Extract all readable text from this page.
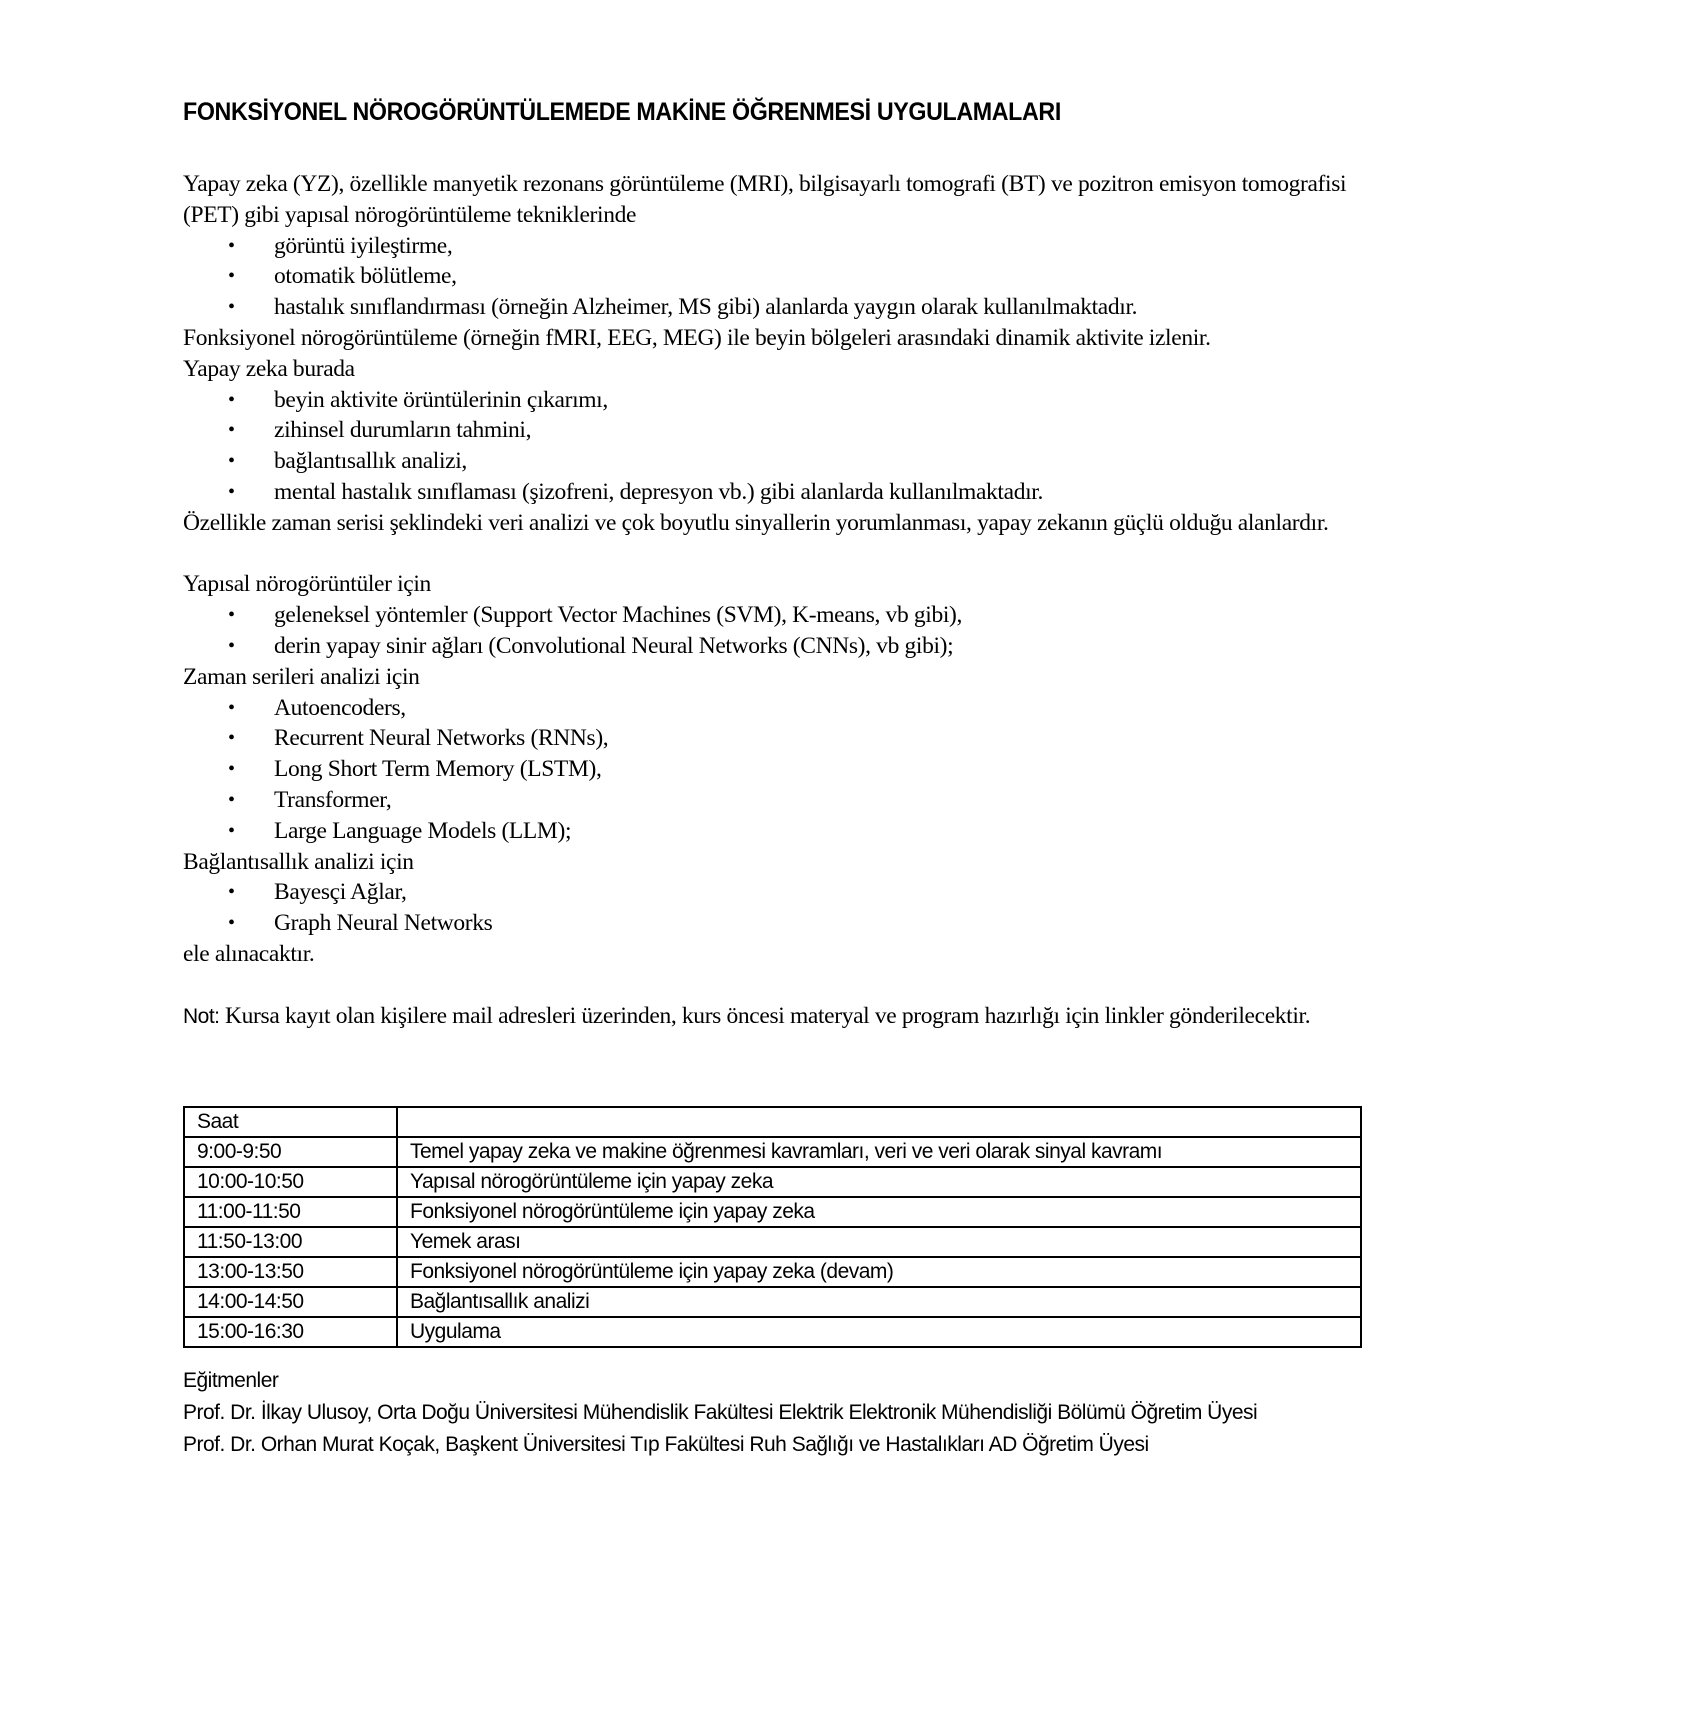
FONKSİYONEL NÖROGÖRÜNTÜLEMEDE MAKİNE ÖĞRENMESİ UYGULAMALARI

Yapay zeka (YZ), özellikle manyetik rezonans görüntüleme (MRI), bilgisayarlı tomografi (BT) ve pozitron emisyon tomografisi (PET) gibi yapısal nörogörüntüleme tekniklerinde

• görüntü iyileştirme,
• otomatik bölütleme,
• hastalık sınıflandırması (örneğin Alzheimer, MS gibi) alanlarda yaygın olarak kullanılmaktadır.

Fonksiyonel nörogörüntüleme (örneğin fMRI, EEG, MEG) ile beyin bölgeleri arasındaki dinamik aktivite izlenir.

Yapay zeka burada

• beyin aktivite örüntülerinin çıkarımı,
• zihinsel durumların tahmini,
• bağlantısallık analizi,
• mental hastalık sınıflaması (şizofreni, depresyon vb.) gibi alanlarda kullanılmaktadır.

Özellikle zaman serisi şeklindeki veri analizi ve çok boyutlu sinyallerin yorumlanması, yapay zekanın güçlü olduğu alanlardır.

Yapısal nörogörüntüler için

• geleneksel yöntemler (Support Vector Machines (SVM), K-means, vb gibi),
• derin yapay sinir ağları (Convolutional Neural Networks (CNNs), vb gibi);

Zaman serileri analizi için

• Autoencoders,
• Recurrent Neural Networks (RNNs),
• Long Short Term Memory (LSTM),
• Transformer,
• Large Language Models (LLM);

Bağlantısallık analizi için

• Bayesçi Ağlar,
• Graph Neural Networks

ele alınacaktır.

Not: Kursa kayıt olan kişilere mail adresleri üzerinden, kurs öncesi materyal ve program hazırlığı için linkler gönderilecektir.

Saat	
9:00-9:50	Temel yapay zeka ve makine öğrenmesi kavramları, veri ve veri olarak sinyal kavramı
10:00-10:50	Yapısal nörogörüntüleme için yapay zeka
11:00-11:50	Fonksiyonel nörogörüntüleme için yapay zeka
11:50-13:00	Yemek arası
13:00-13:50	Fonksiyonel nörogörüntüleme için yapay zeka (devam)
14:00-14:50	Bağlantısallık analizi
15:00-16:30	Uygulama

Eğitmenler

Prof. Dr. İlkay Ulusoy, Orta Doğu Üniversitesi Mühendislik Fakültesi Elektrik Elektronik Mühendisliği Bölümü Öğretim Üyesi

Prof. Dr. Orhan Murat Koçak, Başkent Üniversitesi Tıp Fakültesi Ruh Sağlığı ve Hastalıkları AD Öğretim Üyesi
